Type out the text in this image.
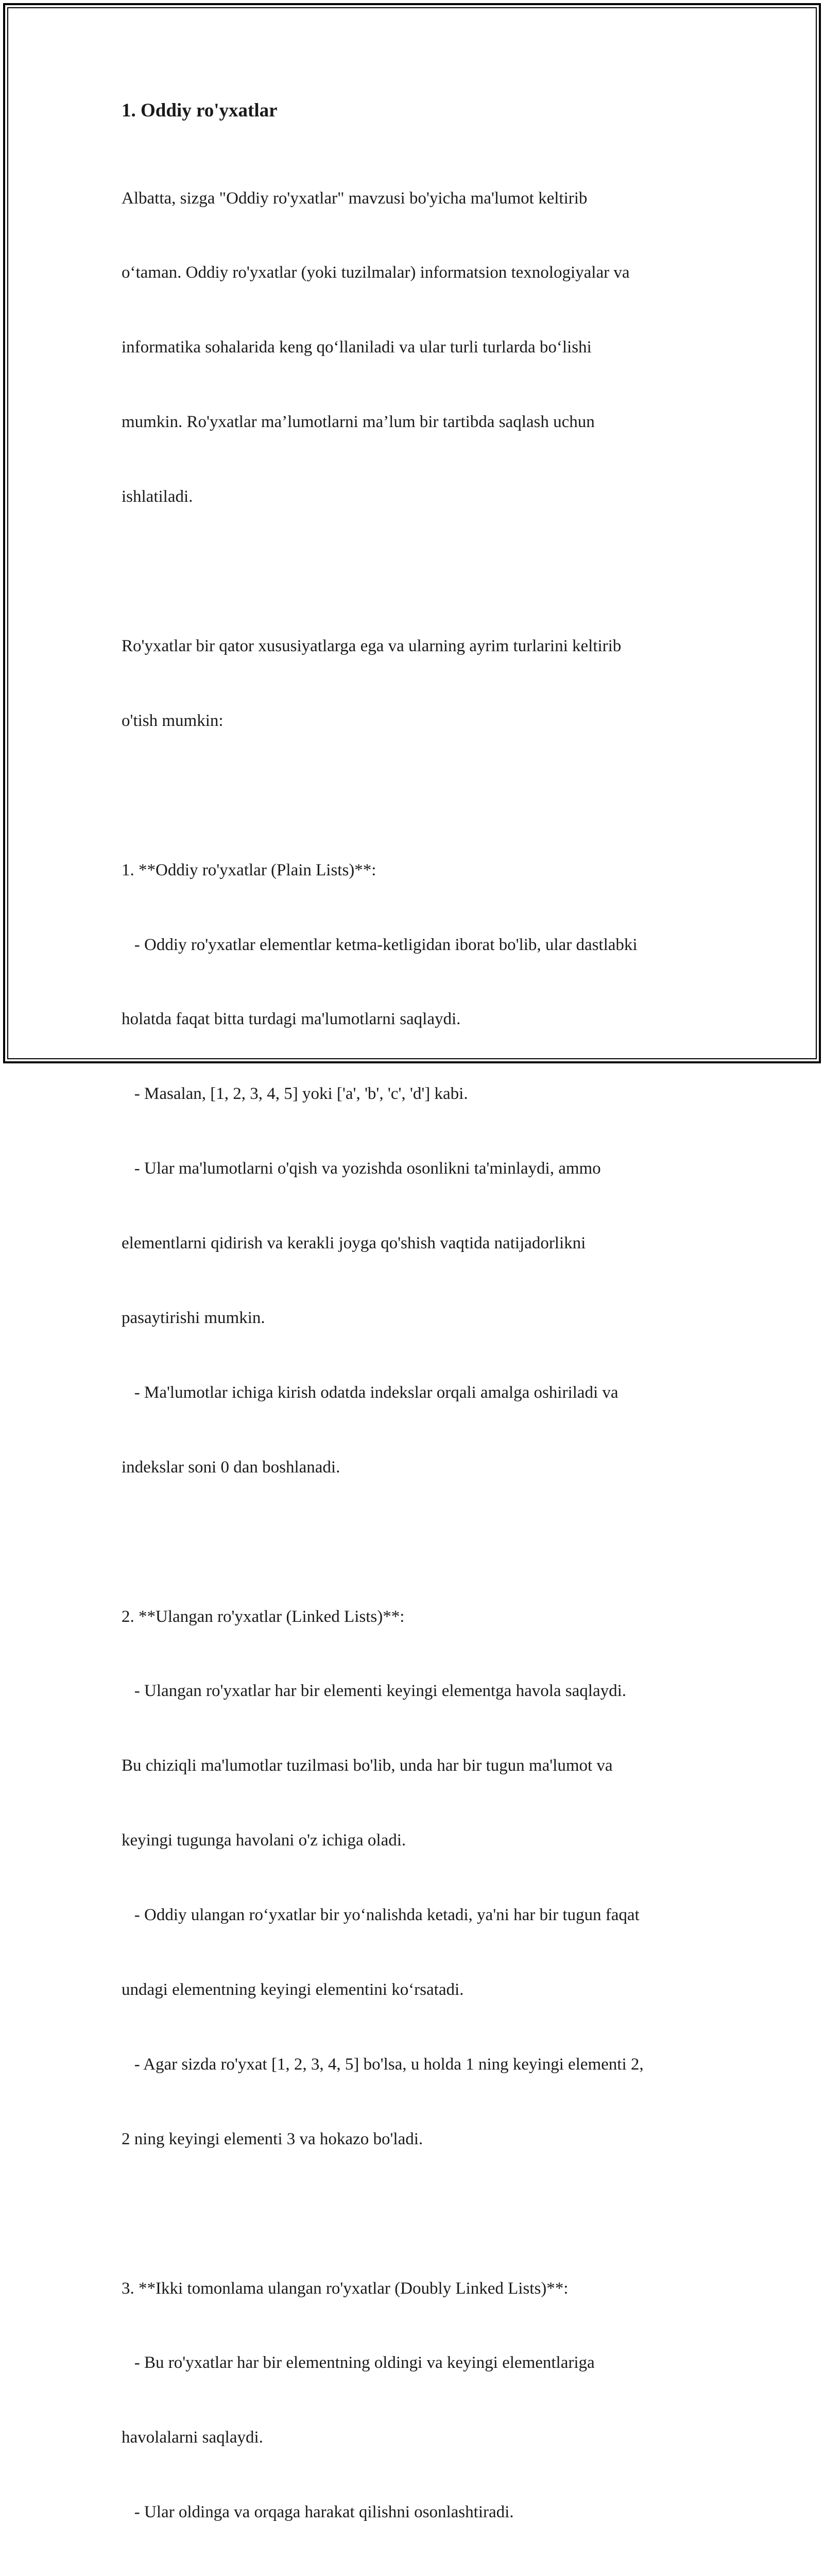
1. Oddiy ro'yxatlar

Albatta, sizga "Oddiy ro'yxatlar" mavzusi bo'yicha ma'lumot keltirib

o‘taman. Oddiy ro'yxatlar (yoki tuzilmalar) informatsion texnologiyalar va

informatika sohalarida keng qo‘llaniladi va ular turli turlarda bo‘lishi

mumkin. Ro'yxatlar ma’lumotlarni ma’lum bir tartibda saqlash uchun

ishlatiladi.

Ro'yxatlar bir qator xususiyatlarga ega va ularning ayrim turlarini keltirib

o'tish mumkin:

1. **Oddiy ro'yxatlar (Plain Lists)**:

- Oddiy ro'yxatlar elementlar ketma-ketligidan iborat bo'lib, ular dastlabki

holatda faqat bitta turdagi ma'lumotlarni saqlaydi.

- Masalan, [1, 2, 3, 4, 5] yoki ['a', 'b', 'c', 'd'] kabi.

- Ular ma'lumotlarni o'qish va yozishda osonlikni ta'minlaydi, ammo

elementlarni qidirish va kerakli joyga qo'shish vaqtida natijadorlikni

pasaytirishi mumkin.

- Ma'lumotlar ichiga kirish odatda indekslar orqali amalga oshiriladi va

indekslar soni 0 dan boshlanadi.

2. **Ulangan ro'yxatlar (Linked Lists)**:

- Ulangan ro'yxatlar har bir elementi keyingi elementga havola saqlaydi.

Bu chiziqli ma'lumotlar tuzilmasi bo'lib, unda har bir tugun ma'lumot va

keyingi tugunga havolani o'z ichiga oladi.

- Oddiy ulangan ro‘yxatlar bir yo‘nalishda ketadi, ya'ni har bir tugun faqat

undagi elementning keyingi elementini ko‘rsatadi.

- Agar sizda ro'yxat [1, 2, 3, 4, 5] bo'lsa, u holda 1 ning keyingi elementi 2,

2 ning keyingi elementi 3 va hokazo bo'ladi.

3. **Ikki tomonlama ulangan ro'yxatlar (Doubly Linked Lists)**:

- Bu ro'yxatlar har bir elementning oldingi va keyingi elementlariga

havolalarni saqlaydi.

- Ular oldinga va orqaga harakat qilishni osonlashtiradi.
